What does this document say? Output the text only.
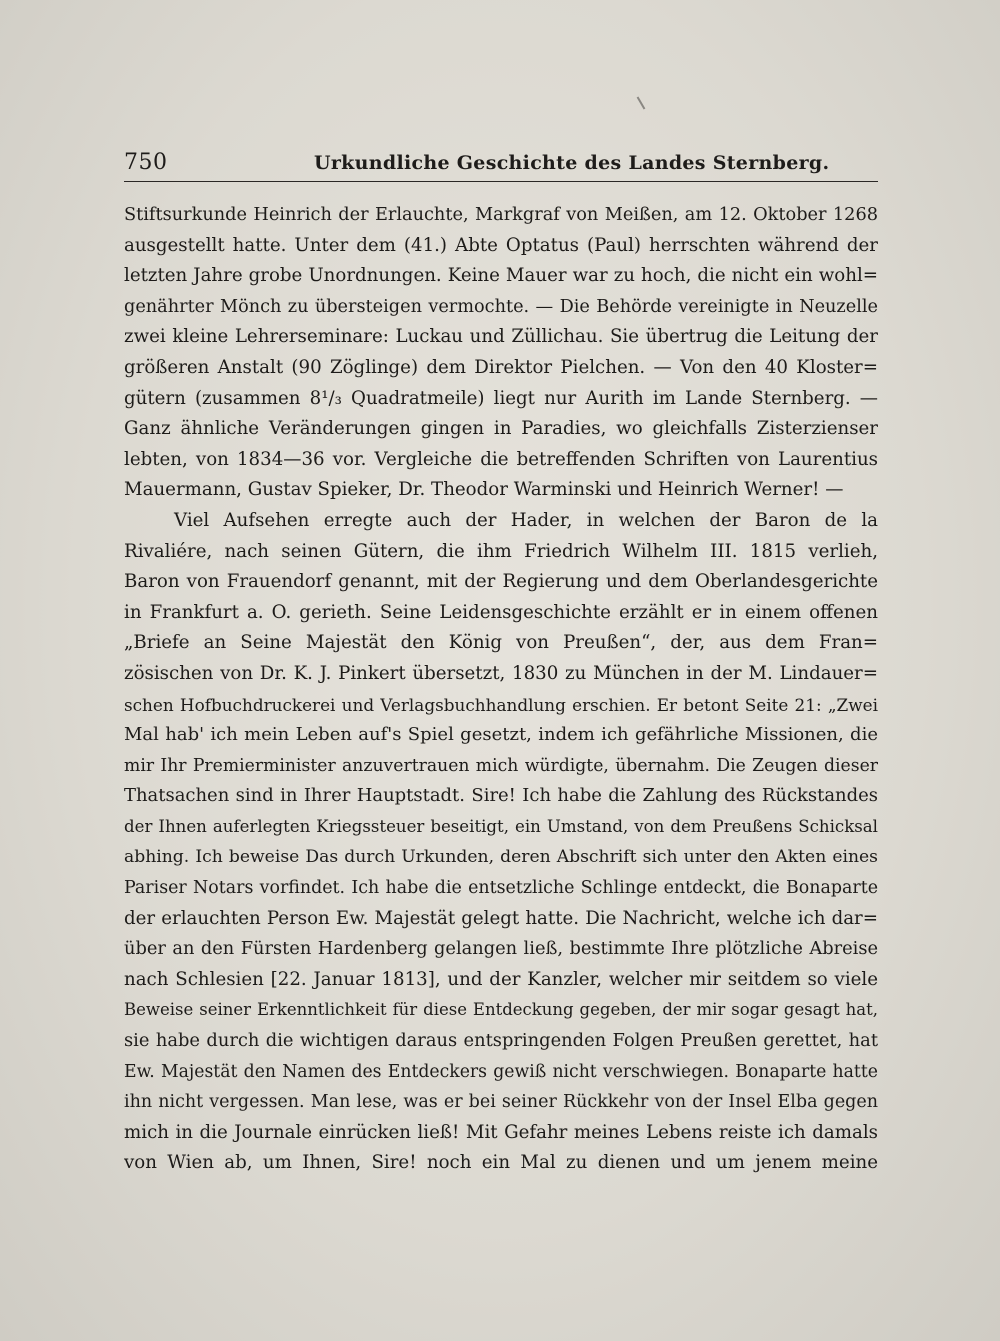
750	Urkundliche Geschichte des Landes Sternberg.
Stiftsurkunde Heinrich der Erlauchte, Markgraf von Meißen, am 12. Oktober 1268
ausgestellt hatte. Unter dem (41.) Abte Optatus (Paul) herrschten während der
letzten Jahre grobe Unordnungen. Keine Mauer war zu hoch, die nicht ein wohl=
genährter Mönch zu übersteigen vermochte. — Die Behörde vereinigte in Neuzelle
zwei kleine Lehrerseminare: Luckau und Züllichau. Sie übertrug die Leitung der
größeren Anstalt (90 Zöglinge) dem Direktor Pielchen. — Von den 40 Kloster=
gütern (zusammen 8¹/₃ Quadratmeile) liegt nur Aurith im Lande Sternberg. —
Ganz ähnliche Veränderungen gingen in Paradies, wo gleichfalls Zisterzienser
lebten, von 1834—36 vor. Vergleiche die betreffenden Schriften von Laurentius
Mauermann, Gustav Spieker, Dr. Theodor Warminski und Heinrich Werner! —
Viel Aufsehen erregte auch der Hader, in welchen der Baron de la
Rivaliére, nach seinen Gütern, die ihm Friedrich Wilhelm III. 1815 verlieh,
Baron von Frauendorf genannt, mit der Regierung und dem Oberlandesgerichte
in Frankfurt a. O. gerieth. Seine Leidensgeschichte erzählt er in einem offenen
„Briefe an Seine Majestät den König von Preußen“, der, aus dem Fran=
zösischen von Dr. K. J. Pinkert übersetzt, 1830 zu München in der M. Lindauer=
schen Hofbuchdruckerei und Verlagsbuchhandlung erschien. Er betont Seite 21: „Zwei
Mal hab' ich mein Leben auf's Spiel gesetzt, indem ich gefährliche Missionen, die
mir Ihr Premierminister anzuvertrauen mich würdigte, übernahm. Die Zeugen dieser
Thatsachen sind in Ihrer Hauptstadt. Sire! Ich habe die Zahlung des Rückstandes
der Ihnen auferlegten Kriegssteuer beseitigt, ein Umstand, von dem Preußens Schicksal
abhing. Ich beweise Das durch Urkunden, deren Abschrift sich unter den Akten eines
Pariser Notars vorfindet. Ich habe die entsetzliche Schlinge entdeckt, die Bonaparte
der erlauchten Person Ew. Majestät gelegt hatte. Die Nachricht, welche ich dar=
über an den Fürsten Hardenberg gelangen ließ, bestimmte Ihre plötzliche Abreise
nach Schlesien [22. Januar 1813], und der Kanzler, welcher mir seitdem so viele
Beweise seiner Erkenntlichkeit für diese Entdeckung gegeben, der mir sogar gesagt hat,
sie habe durch die wichtigen daraus entspringenden Folgen Preußen gerettet, hat
Ew. Majestät den Namen des Entdeckers gewiß nicht verschwiegen. Bonaparte hatte
ihn nicht vergessen. Man lese, was er bei seiner Rückkehr von der Insel Elba gegen
mich in die Journale einrücken ließ! Mit Gefahr meines Lebens reiste ich damals
von Wien ab, um Ihnen, Sire! noch ein Mal zu dienen und um jenem meine
